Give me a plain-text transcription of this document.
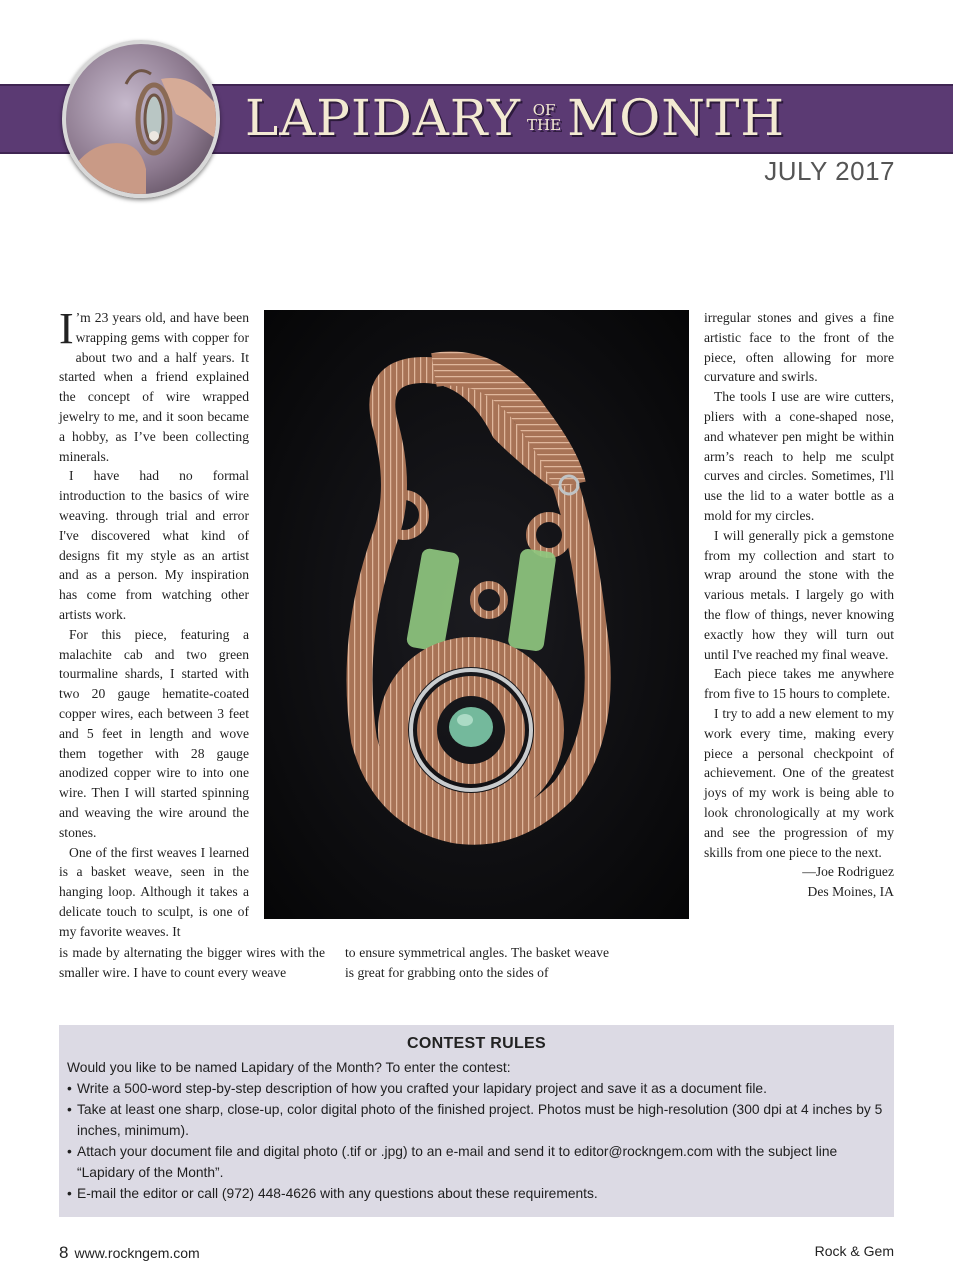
LAPIDARY OF
THE MONTH
JULY 2017

I ’m 23 years old, and have been wrapping gems with copper for about two and a half years. It started when a friend explained the concept of wire wrapped jewelry to me, and it soon became a hobby, as I’ve been collecting minerals.

I have had no formal introduction to the basics of wire weaving. through trial and error I've discovered what kind of designs fit my style as an artist and as a person. My inspiration has come from watching other artists work.

For this piece, featuring a malachite cab and two green tourmaline shards, I started with two 20 gauge hematite-coated copper wires, each between 3 feet and 5 feet in length and wove them together with 28 gauge anodized copper wire to into one wire. Then I will started spinning and weaving the wire around the stones.

One of the first weaves I learned is a basket weave, seen in the hanging loop. Although it takes a delicate touch to sculpt, is one of my favorite weaves. It

is made by alternating the bigger wires with the smaller wire. I have to count every weave

to ensure symmetrical angles. The basket weave is great for grabbing onto the sides of

irregular stones and gives a fine artistic face to the front of the piece, often allowing for more curvature and swirls.

The tools I use are wire cutters, pliers with a cone-shaped nose, and whatever pen might be within arm’s reach to help me sculpt curves and circles. Sometimes, I'll use the lid to a water bottle as a mold for my circles.

I will generally pick a gemstone from my collection and start to wrap around the stone with the various metals. I largely go with the flow of things, never knowing exactly how they will turn out until I've reached my final weave.

Each piece takes me anywhere from five to 15 hours to complete.

I try to add a new element to my work every time, making every piece a personal checkpoint of achievement. One of the greatest joys of my work is being able to look chronologically at my work and see the progression of my skills from one piece to the next.

—Joe Rodriguez

Des Moines, IA

CONTEST RULES

Would you like to be named Lapidary of the Month? To enter the contest:

• Write a 500-word step-by-step description of how you crafted your lapidary project and save it as a document file.
• Take at least one sharp, close-up, color digital photo of the finished project. Photos must be high-resolution (300 dpi at 4 inches by 5 inches, minimum).
• Attach your document file and digital photo (.tif or .jpg) to an e-mail and send it to editor@rockngem.com with the subject line “Lapidary of the Month”.
• E-mail the editor or call (972) 448-4626 with any questions about these requirements.
8 www.rockngem.com	Rock & Gem
